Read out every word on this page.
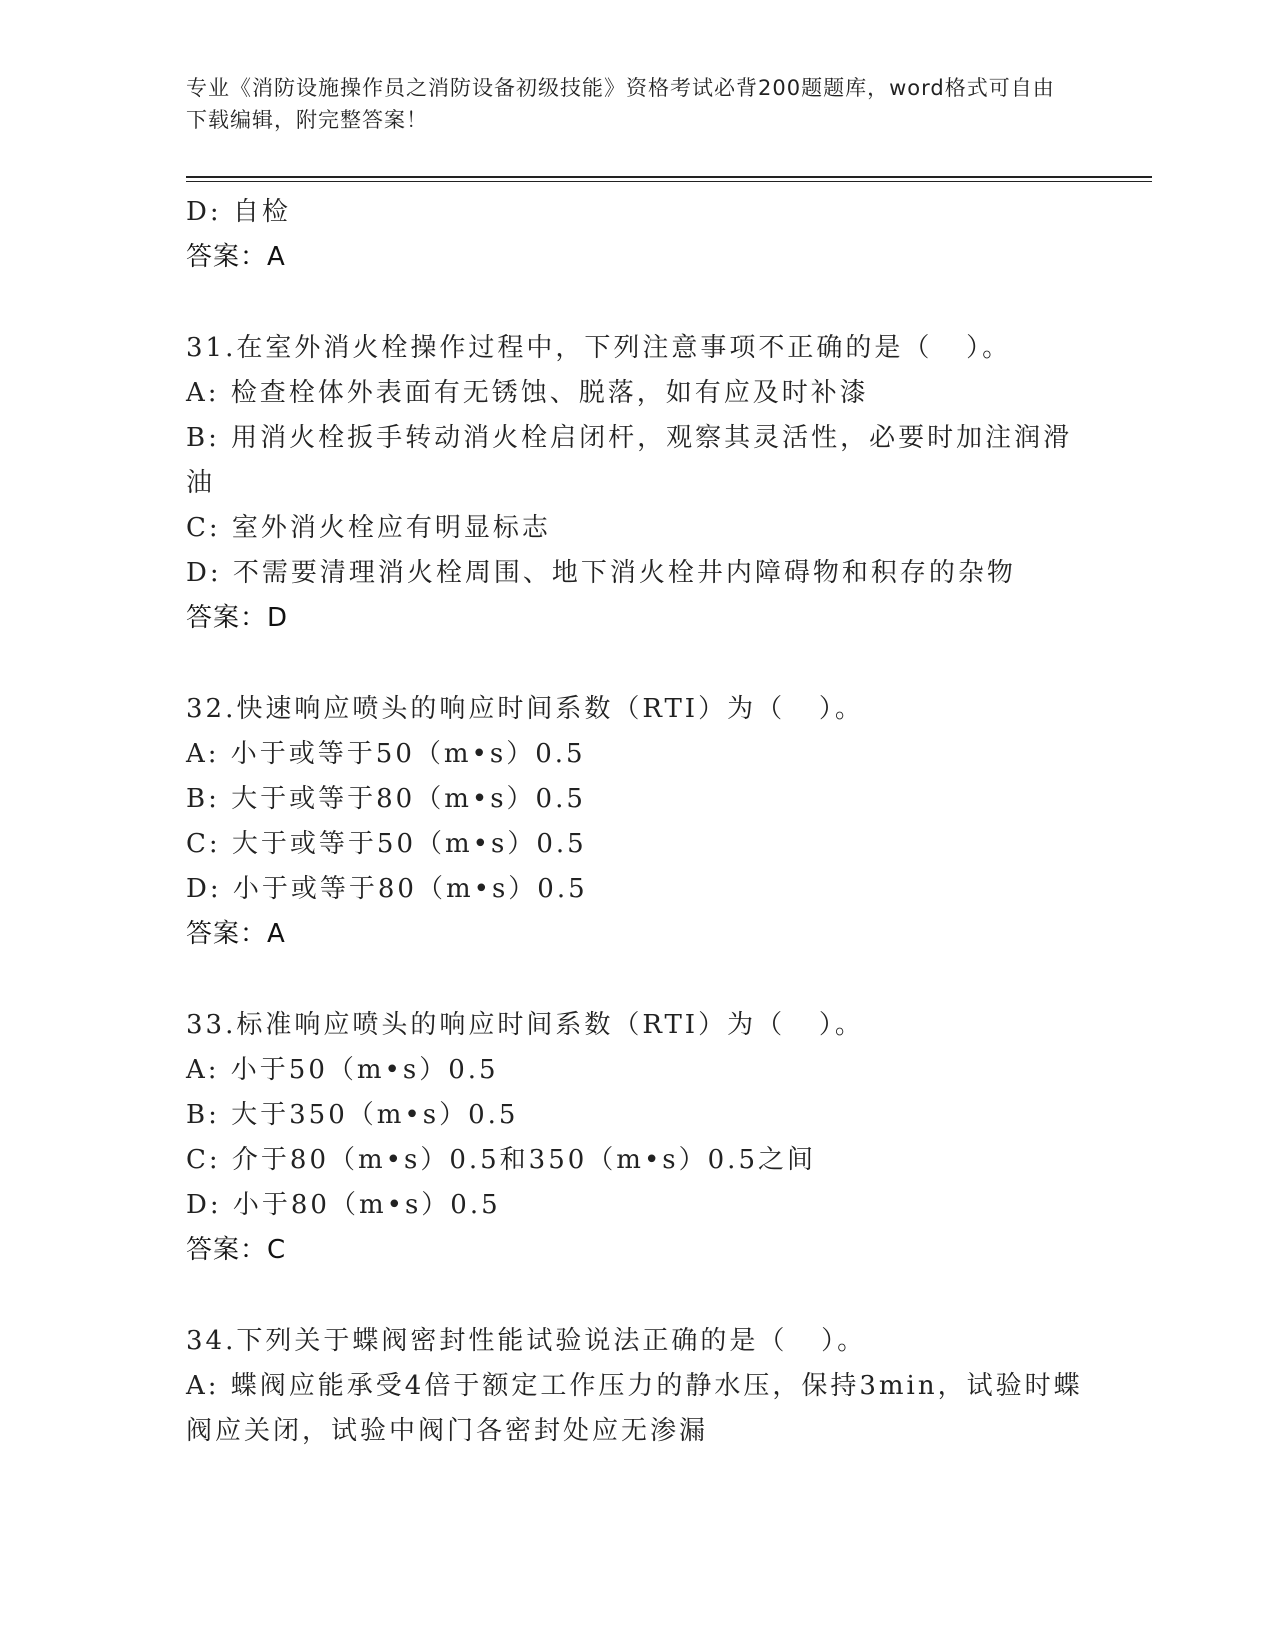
专业《消防设施操作员之消防设备初级技能》资格考试必背200题题库，word格式可自由下载编辑，附完整答案！
D: 自检
答案：A
31.在室外消火栓操作过程中，下列注意事项不正确的是（   ）。
A: 检查栓体外表面有无锈蚀、脱落，如有应及时补漆
B: 用消火栓扳手转动消火栓启闭杆，观察其灵活性，必要时加注润滑油
C: 室外消火栓应有明显标志
D: 不需要清理消火栓周围、地下消火栓井内障碍物和积存的杂物
答案：D
32.快速响应喷头的响应时间系数（RTI）为（   ）。
A: 小于或等于50（m•s）0.5
B: 大于或等于80（m•s）0.5
C: 大于或等于50（m•s）0.5
D: 小于或等于80（m•s）0.5
答案：A
33.标准响应喷头的响应时间系数（RTI）为（   ）。
A: 小于50（m•s）0.5
B: 大于350（m•s）0.5
C: 介于80（m•s）0.5和350（m•s）0.5之间
D: 小于80（m•s）0.5
答案：C
34.下列关于蝶阀密封性能试验说法正确的是（   ）。
A: 蝶阀应能承受4倍于额定工作压力的静水压，保持3min，试验时蝶阀应关闭，试验中阀门各密封处应无渗漏
